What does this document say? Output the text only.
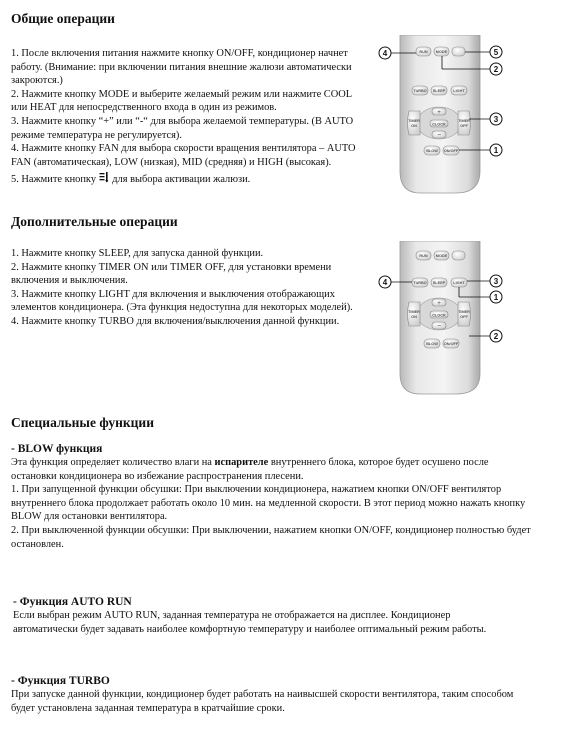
Общие операции
1. После включения питания нажмите кнопку ON/OFF, кондиционер начнет работу. (Внимание: при включении питания внешние жалюзи автоматически закроются.)
2. Нажмите кнопку MODE и выберите желаемый режим или нажмите COOL или HEAT для непосредственного входа в один из режимов.
3. Нажмите кнопку “+” или “-“ для выбора желаемой температуры. (В AUTO режиме температура не регулируется).
4. Нажмите кнопку FAN для выбора скорости вращения вентилятора – AUTO FAN (автоматическая), LOW (низкая), MID (средняя) и HIGH (высокая).
5. Нажмите кнопку для выбора активации жалюзи.
RUN MODE
TURBO SLEEP LIGHT
TIMER
ON
TIMER
OFF
+
CLOCK
−
BLOW ON/OFF
4	5
2
3
1
Дополнительные операции
1. Нажмите кнопку SLEEP, для запуска данной функции.
2. Нажмите кнопку TIMER ON или TIMER OFF, для установки времени включения и выключения.
3. Нажмите кнопку LIGHT для включения и выключения отображающих элементов кондиционера. (Эта функция недоступна для некоторых моделей).
4. Нажмите кнопку TURBO для включения/выключения данной функции.
RUN MODE
TURBO SLEEP LIGHT
TIMER
ON
TIMER
OFF
+
CLOCK
−
BLOW ON/OFF
4	3
1
2
Специальные функции
- BLOW функция
Эта функция определяет количество влаги на испарителе внутреннего блока, которое будет осушено после остановки кондиционера во избежание распространения плесени.
1. При запущенной функции обсушки: При выключении кондиционера, нажатием кнопки ON/OFF вентилятор внутреннего блока продолжает работать около 10 мин. на медленной скорости. В этот период можно нажать кнопку BLOW для остановки вентилятора.
2. При выключенной функции обсушки: При выключении, нажатием кнопки ON/OFF, кондиционер полностью будет остановлен.
- Функция AUTO RUN
Если выбран режим AUTO RUN, заданная температура не отображается на дисплее. Кондиционер автоматически будет задавать наиболее комфортную температуру и наиболее оптимальный режим работы.
- Функция TURBO
При запуске данной функции, кондиционер будет работать на наивысшей скорости вентилятора, таким способом будет установлена заданная температура в кратчайшие сроки.
